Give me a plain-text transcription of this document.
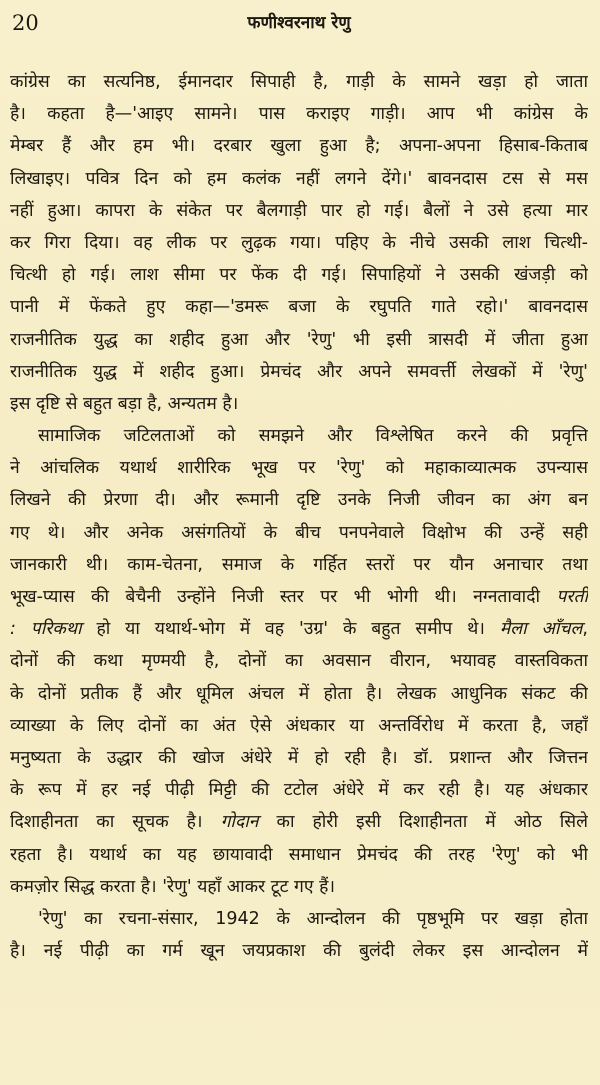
20	फणीश्वरनाथ रेणु
कांग्रेस का सत्यनिष्ठ, ईमानदार सिपाही है, गाड़ी के सामने खड़ा हो जाता
है। कहता है—'आइए सामने। पास कराइए गाड़ी। आप भी कांग्रेस के
मेम्बर हैं और हम भी। दरबार खुला हुआ है; अपना-अपना हिसाब-किताब
लिखाइए। पवित्र दिन को हम कलंक नहीं लगने देंगे।' बावनदास टस से मस
नहीं हुआ। कापरा के संकेत पर बैलगाड़ी पार हो गई। बैलों ने उसे हत्या मार
कर गिरा दिया। वह लीक पर लुढ़क गया। पहिए के नीचे उसकी लाश चित्थी-
चित्थी हो गई। लाश सीमा पर फेंक दी गई। सिपाहियों ने उसकी खंजड़ी को
पानी में फेंकते हुए कहा—'डमरू बजा के रघुपति गाते रहो।' बावनदास
राजनीतिक युद्ध का शहीद हुआ और 'रेणु' भी इसी त्रासदी में जीता हुआ
राजनीतिक युद्ध में शहीद हुआ। प्रेमचंद और अपने समवर्त्ती लेखकों में 'रेणु'
इस दृष्टि से बहुत बड़ा है, अन्यतम है।
सामाजिक जटिलताओं को समझने और विश्लेषित करने की प्रवृत्ति
ने आंचलिक यथार्थ शारीरिक भूख पर 'रेणु' को महाकाव्यात्मक उपन्यास
लिखने की प्रेरणा दी। और रूमानी दृष्टि उनके निजी जीवन का अंग बन
गए थे। और अनेक असंगतियों के बीच पनपनेवाले विक्षोभ की उन्हें सही
जानकारी थी। काम-चेतना, समाज के गर्हित स्तरों पर यौन अनाचार तथा
भूख-प्यास की बेचैनी उन्होंने निजी स्तर पर भी भोगी थी। नग्नतावादी परती
: परिकथा हो या यथार्थ-भोग में वह 'उग्र' के बहुत समीप थे। मैला आँचल,
दोनों की कथा मृण्मयी है, दोनों का अवसान वीरान, भयावह वास्तविकता
के दोनों प्रतीक हैं और धूमिल अंचल में होता है। लेखक आधुनिक संकट की
व्याख्या के लिए दोनों का अंत ऐसे अंधकार या अन्तर्विरोध में करता है, जहाँ
मनुष्यता के उद्धार की खोज अंधेरे में हो रही है। डॉ. प्रशान्त और जित्तन
के रूप में हर नई पीढ़ी मिट्टी की टटोल अंधेरे में कर रही है। यह अंधकार
दिशाहीनता का सूचक है। गोदान का होरी इसी दिशाहीनता में ओठ सिले
रहता है। यथार्थ का यह छायावादी समाधान प्रेमचंद की तरह 'रेणु' को भी
कमज़ोर सिद्ध करता है। 'रेणु' यहाँ आकर टूट गए हैं।
'रेणु' का रचना-संसार, 1942 के आन्दोलन की पृष्ठभूमि पर खड़ा होता
है। नई पीढ़ी का गर्म खून जयप्रकाश की बुलंदी लेकर इस आन्दोलन में
